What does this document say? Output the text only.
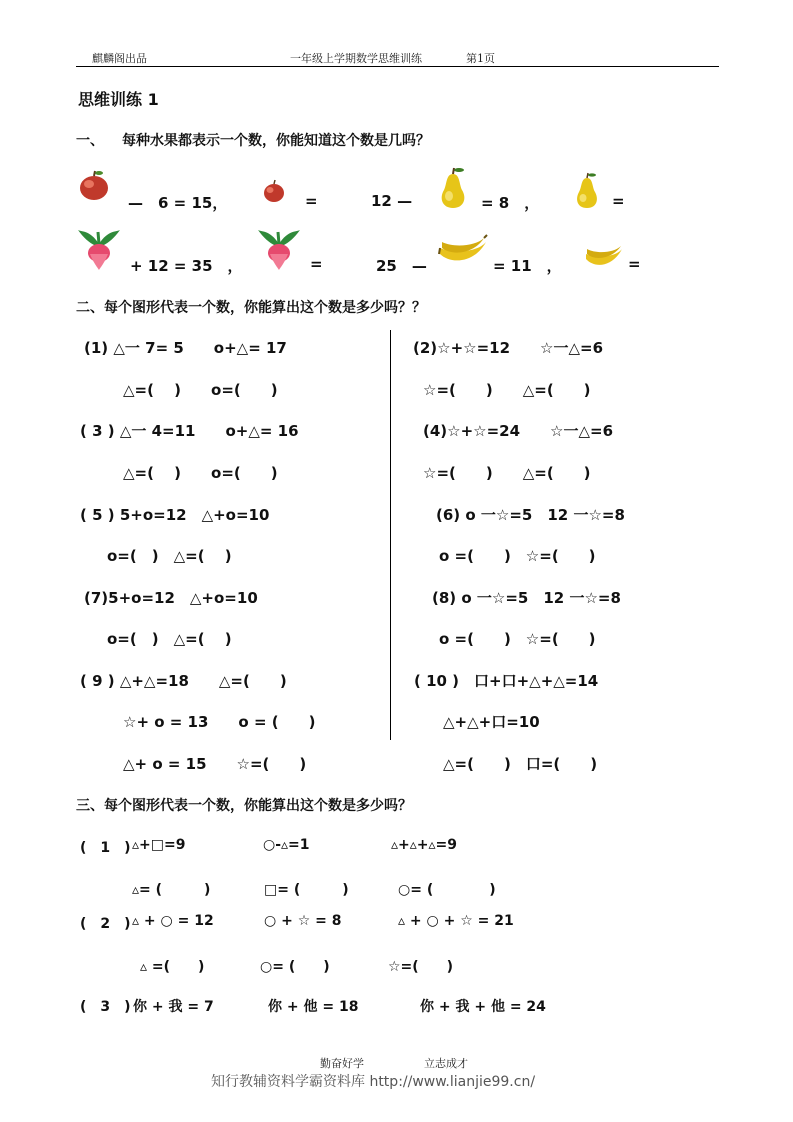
麒麟阁出品	一年级上学期数学思维训练	第1页
思维训练 1
一、 每种水果都表示一个数，你能知道这个数是几吗？
—　6 = 15，	=	12 —	= 8　，	=
+ 12 = 35　，	=	25　—	= 11　，	=
二、每个图形代表一个数，你能算出这个数是多少吗？？
(1) △一 7= 5　　o+△= 17
△=(　 )　　o=(　　)
( 3 ) △一 4=11　　o+△= 16
△=(　 )　　o=(　　)
( 5 ) 5+o=12　△+o=10
o=(　)　△=(　 )
(7)5+o=12　△+o=10
o=(　)　△=(　 )
( 9 ) △+△=18　　△=(　　)
☆+ o = 13　　o = (　　)
△+ o = 15　　☆=(　　)
(2)☆+☆=12　　☆一△=6
☆=(　　)　　△=(　　)
(4)☆+☆=24　　☆一△=6
☆=(　　)　　△=(　　)
(6) o 一☆=5　12 一☆=8
o =(　　)　☆=(　　)
(8) o 一☆=5　12 一☆=8
o =(　　)　☆=(　　)
( 10 )　口+口+△+△=14
△+△+口=10
△=(　　)　口=(　　)
三、每个图形代表一个数，你能算出这个数是多少吗？
(　1　) ▵+□=9	○-▵=1	▵+▵+▵=9
▵= (　　　)	□= (　　　)	○= (　　　　)
(　2　) ▵ + ○ = 12	○ + ☆ = 8	▵ + ○ + ☆ = 21
▵ =(　　)	○= (　　)	☆=(　　)
(　3　) 你 + 我 = 7	你 + 他 = 18	你 + 我 + 他 = 24
勤奋好学	立志成才
知行教辅资料学霸资料库 http://www.lianjie99.cn/
